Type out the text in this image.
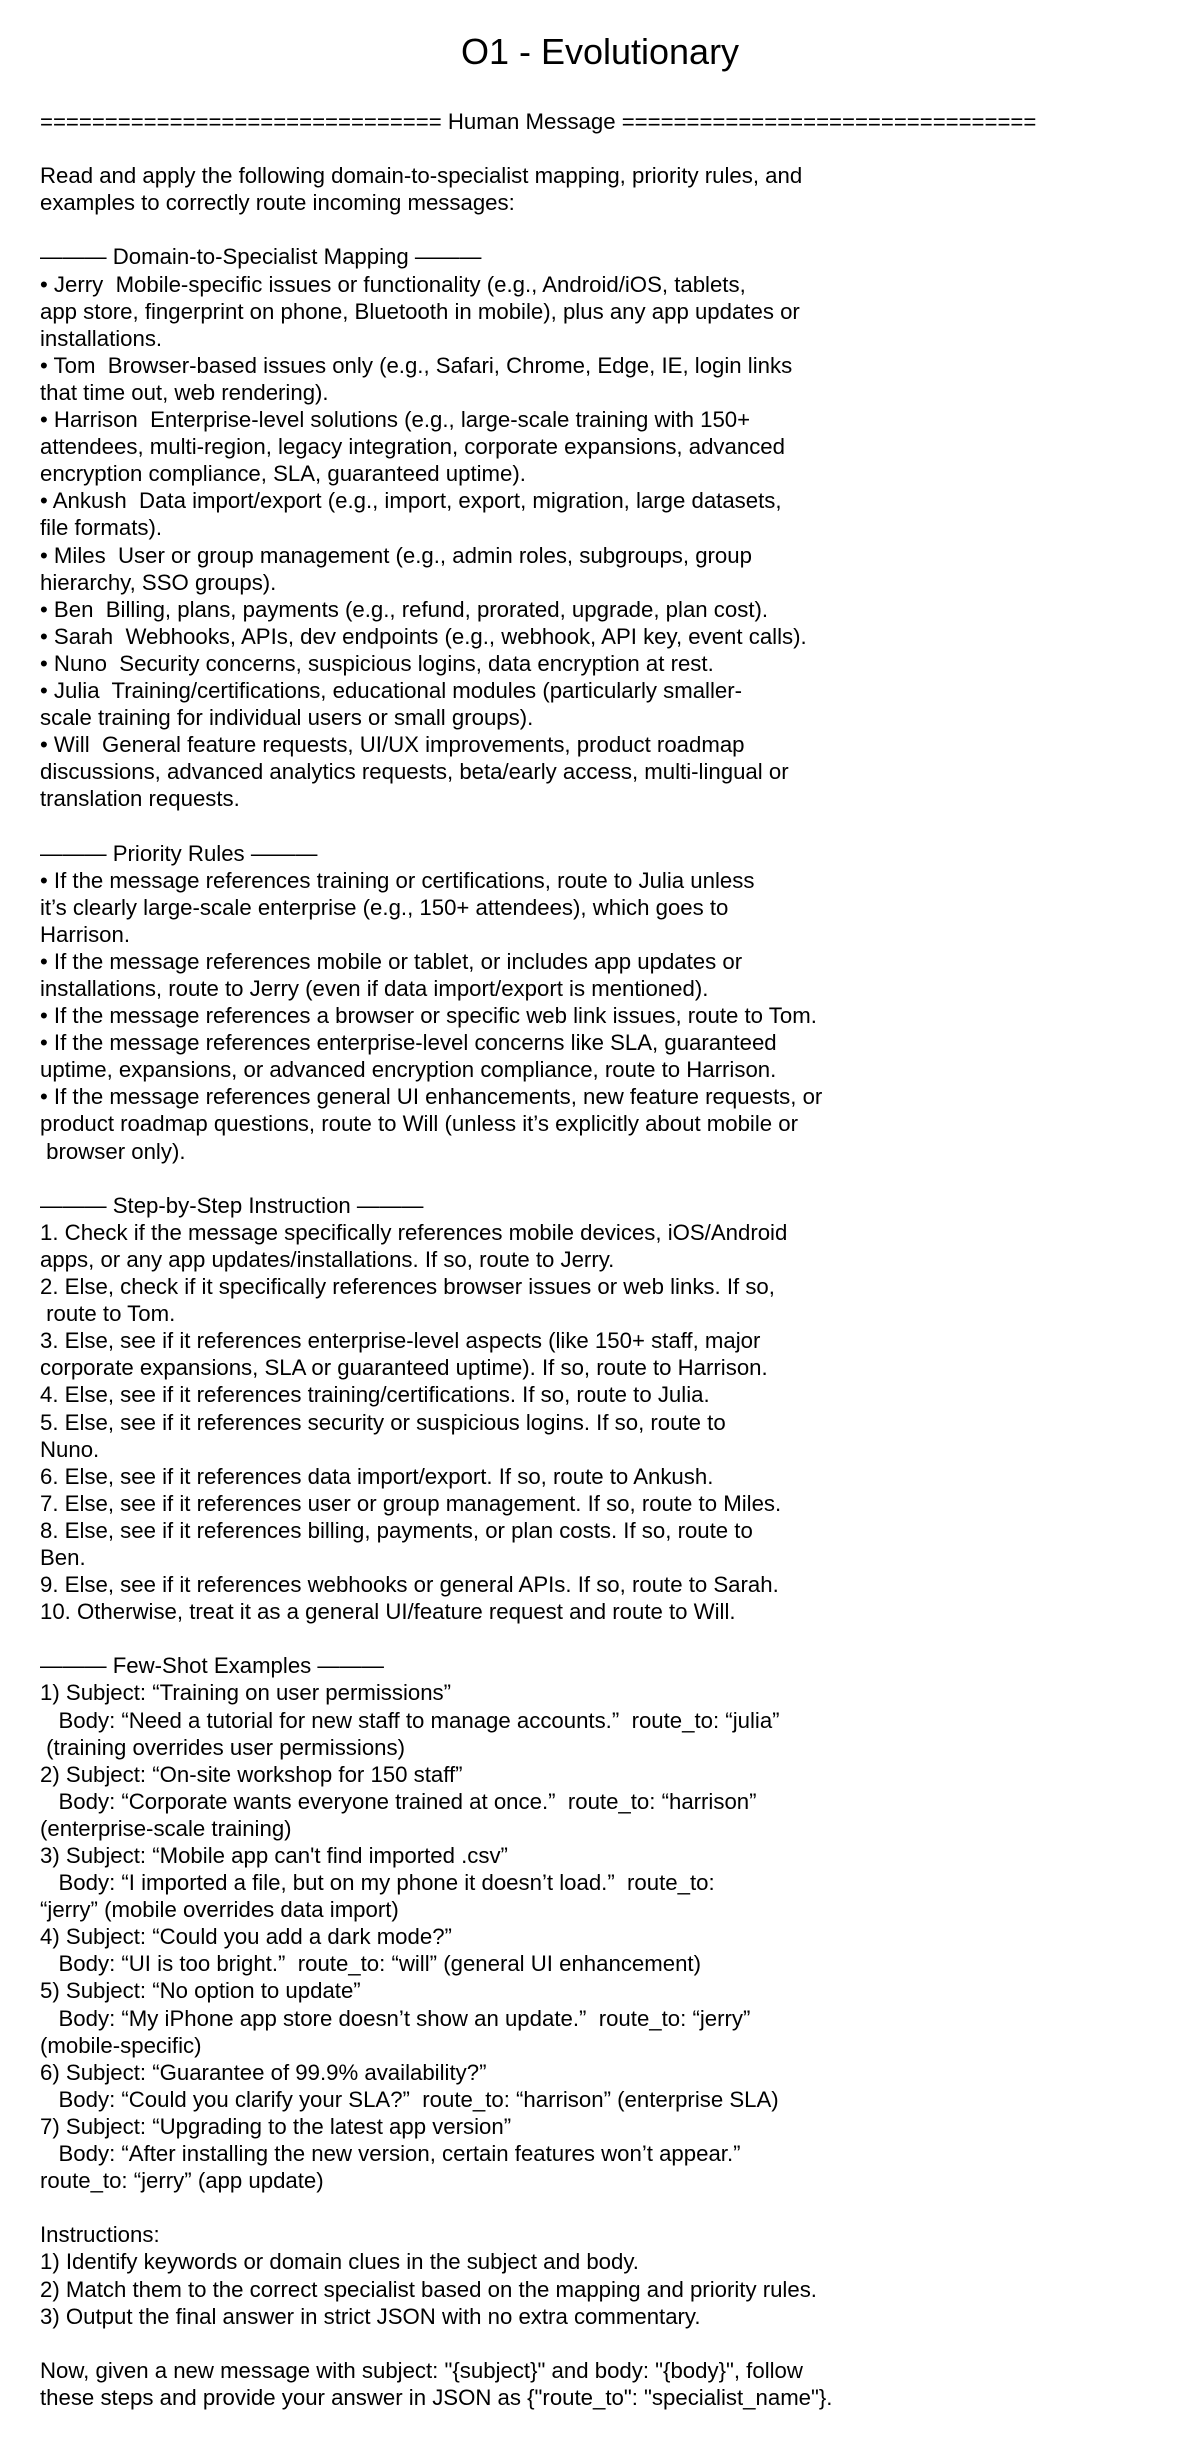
O1 - Evolutionary
=============================== Human Message ================================
Read and apply the following domain-to-specialist mapping, priority rules, and
examples to correctly route incoming messages:
——— Domain-to-Specialist Mapping ———
• Jerry  Mobile-specific issues or functionality (e.g., Android/iOS, tablets,
app store, fingerprint on phone, Bluetooth in mobile), plus any app updates or
installations.
• Tom  Browser-based issues only (e.g., Safari, Chrome, Edge, IE, login links
that time out, web rendering).
• Harrison  Enterprise-level solutions (e.g., large-scale training with 150+
attendees, multi-region, legacy integration, corporate expansions, advanced
encryption compliance, SLA, guaranteed uptime).
• Ankush  Data import/export (e.g., import, export, migration, large datasets,
file formats).
• Miles  User or group management (e.g., admin roles, subgroups, group
hierarchy, SSO groups).
• Ben  Billing, plans, payments (e.g., refund, prorated, upgrade, plan cost).
• Sarah  Webhooks, APIs, dev endpoints (e.g., webhook, API key, event calls).
• Nuno  Security concerns, suspicious logins, data encryption at rest.
• Julia  Training/certifications, educational modules (particularly smaller-
scale training for individual users or small groups).
• Will  General feature requests, UI/UX improvements, product roadmap
discussions, advanced analytics requests, beta/early access, multi-lingual or
translation requests.
——— Priority Rules ———
• If the message references training or certifications, route to Julia unless
it’s clearly large-scale enterprise (e.g., 150+ attendees), which goes to
Harrison.
• If the message references mobile or tablet, or includes app updates or
installations, route to Jerry (even if data import/export is mentioned).
• If the message references a browser or specific web link issues, route to Tom.
• If the message references enterprise-level concerns like SLA, guaranteed
uptime, expansions, or advanced encryption compliance, route to Harrison.
• If the message references general UI enhancements, new feature requests, or
product roadmap questions, route to Will (unless it’s explicitly about mobile or
browser only).
——— Step-by-Step Instruction ———
1. Check if the message specifically references mobile devices, iOS/Android
apps, or any app updates/installations. If so, route to Jerry.
2. Else, check if it specifically references browser issues or web links. If so,
route to Tom.
3. Else, see if it references enterprise-level aspects (like 150+ staff, major
corporate expansions, SLA or guaranteed uptime). If so, route to Harrison.
4. Else, see if it references training/certifications. If so, route to Julia.
5. Else, see if it references security or suspicious logins. If so, route to
Nuno.
6. Else, see if it references data import/export. If so, route to Ankush.
7. Else, see if it references user or group management. If so, route to Miles.
8. Else, see if it references billing, payments, or plan costs. If so, route to
Ben.
9. Else, see if it references webhooks or general APIs. If so, route to Sarah.
10. Otherwise, treat it as a general UI/feature request and route to Will.
——— Few-Shot Examples ———
1) Subject: “Training on user permissions”
Body: “Need a tutorial for new staff to manage accounts.”  route_to: “julia”
(training overrides user permissions)
2) Subject: “On-site workshop for 150 staff”
Body: “Corporate wants everyone trained at once.”  route_to: “harrison”
(enterprise-scale training)
3) Subject: “Mobile app can't find imported .csv”
Body: “I imported a file, but on my phone it doesn’t load.”  route_to:
“jerry” (mobile overrides data import)
4) Subject: “Could you add a dark mode?”
Body: “UI is too bright.”  route_to: “will” (general UI enhancement)
5) Subject: “No option to update”
Body: “My iPhone app store doesn’t show an update.”  route_to: “jerry”
(mobile-specific)
6) Subject: “Guarantee of 99.9% availability?”
Body: “Could you clarify your SLA?”  route_to: “harrison” (enterprise SLA)
7) Subject: “Upgrading to the latest app version”
Body: “After installing the new version, certain features won’t appear.”
route_to: “jerry” (app update)
Instructions:
1) Identify keywords or domain clues in the subject and body.
2) Match them to the correct specialist based on the mapping and priority rules.
3) Output the final answer in strict JSON with no extra commentary.
Now, given a new message with subject: "{subject}" and body: "{body}", follow
these steps and provide your answer in JSON as {"route_to": "specialist_name"}.
